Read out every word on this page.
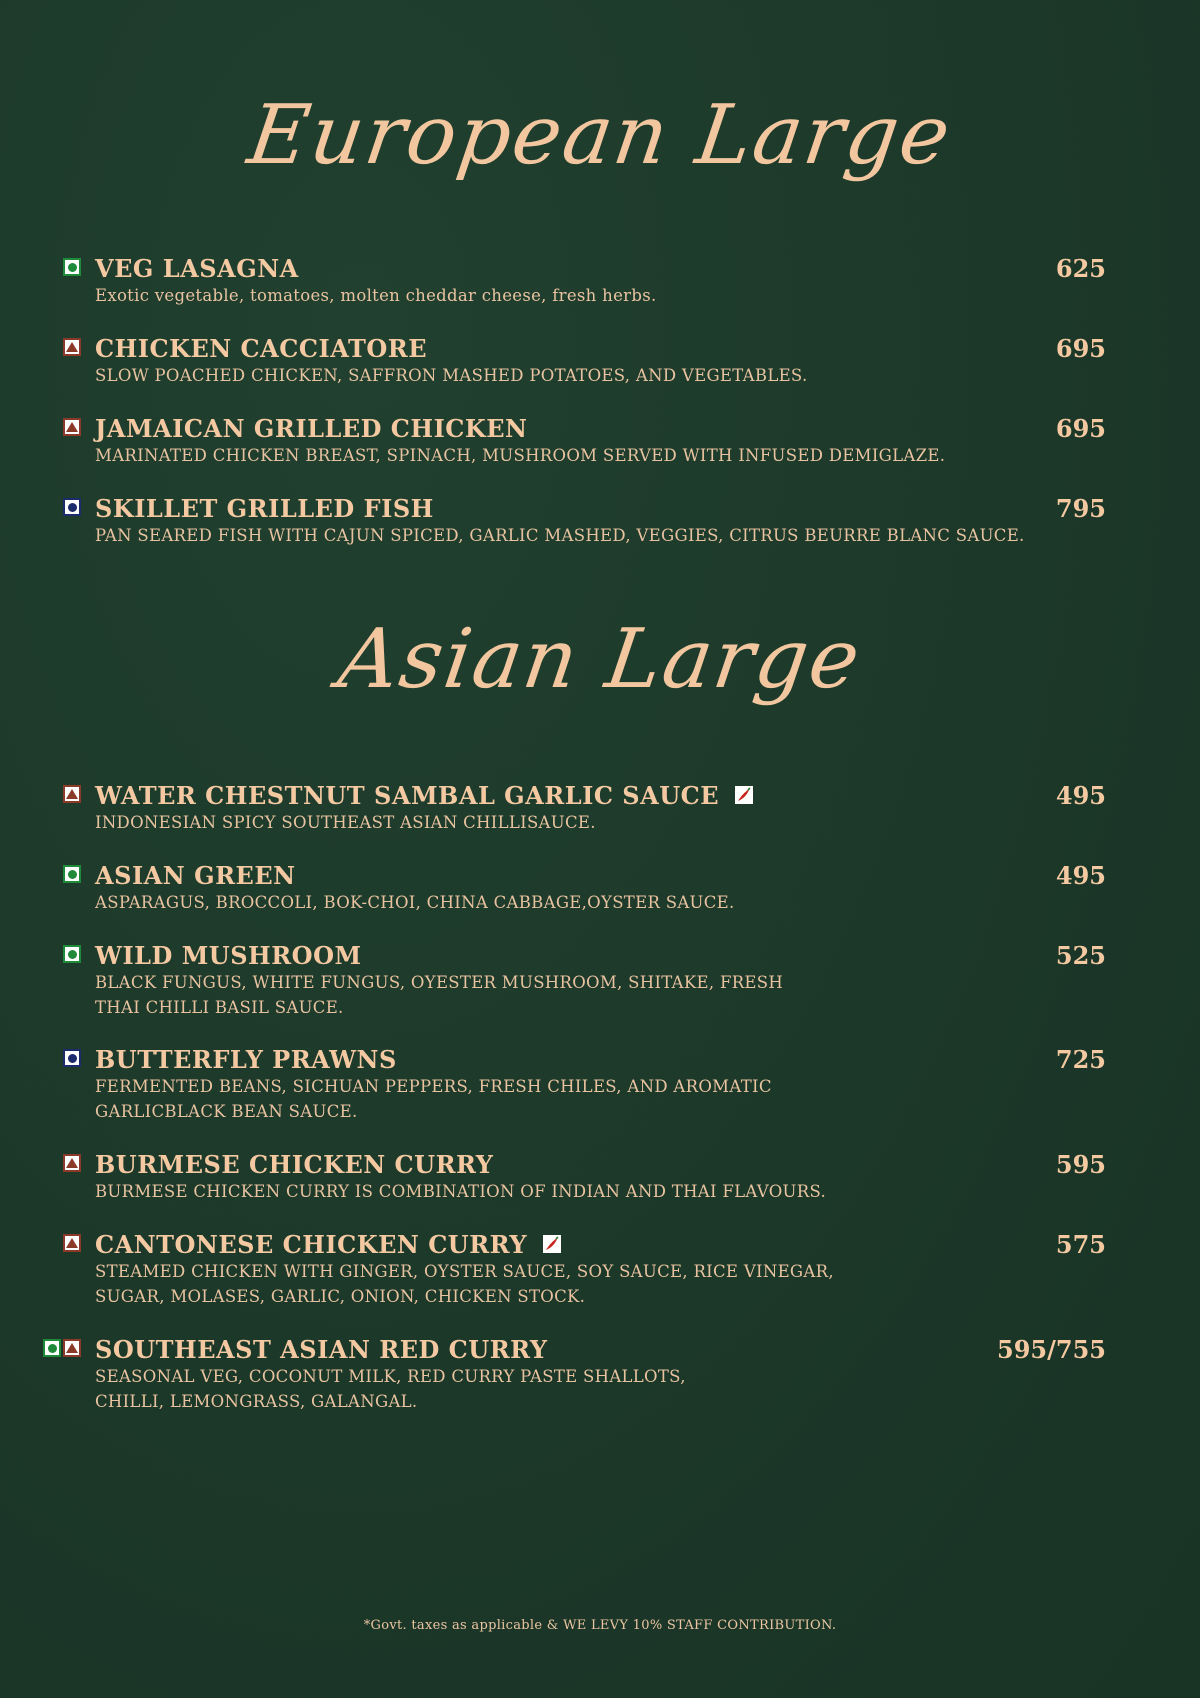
European Large
VEG LASAGNA
Exotic vegetable, tomatoes, molten cheddar cheese, fresh herbs.
625
CHICKEN CACCIATORE
SLOW POACHED CHICKEN, SAFFRON MASHED POTATOES, AND VEGETABLES.
695
JAMAICAN GRILLED CHICKEN
MARINATED CHICKEN BREAST, SPINACH, MUSHROOM SERVED WITH INFUSED DEMIGLAZE.
695
SKILLET GRILLED FISH
PAN SEARED FISH WITH CAJUN SPICED, GARLIC MASHED, VEGGIES, CITRUS BEURRE BLANC SAUCE.
795
Asian Large
WATER CHESTNUT SAMBAL GARLIC SAUCE
INDONESIAN SPICY SOUTHEAST ASIAN CHILLISAUCE.
495
ASIAN GREEN
ASPARAGUS, BROCCOLI, BOK-CHOI, CHINA CABBAGE,OYSTER SAUCE.
495
WILD MUSHROOM
BLACK FUNGUS, WHITE FUNGUS, OYESTER MUSHROOM, SHITAKE, FRESH
THAI CHILLI BASIL SAUCE.
525
BUTTERFLY PRAWNS
FERMENTED BEANS, SICHUAN PEPPERS, FRESH CHILES, AND AROMATIC
GARLICBLACK BEAN SAUCE.
725
BURMESE CHICKEN CURRY
BURMESE CHICKEN CURRY IS COMBINATION OF INDIAN AND THAI FLAVOURS.
595
CANTONESE CHICKEN CURRY
STEAMED CHICKEN WITH GINGER, OYSTER SAUCE, SOY SAUCE, RICE VINEGAR,
SUGAR, MOLASES, GARLIC, ONION, CHICKEN STOCK.
575
SOUTHEAST ASIAN RED CURRY
SEASONAL VEG, COCONUT MILK, RED CURRY PASTE SHALLOTS,
CHILLI, LEMONGRASS, GALANGAL.
595/755
*Govt. taxes as applicable & WE LEVY 10% STAFF CONTRIBUTION.
